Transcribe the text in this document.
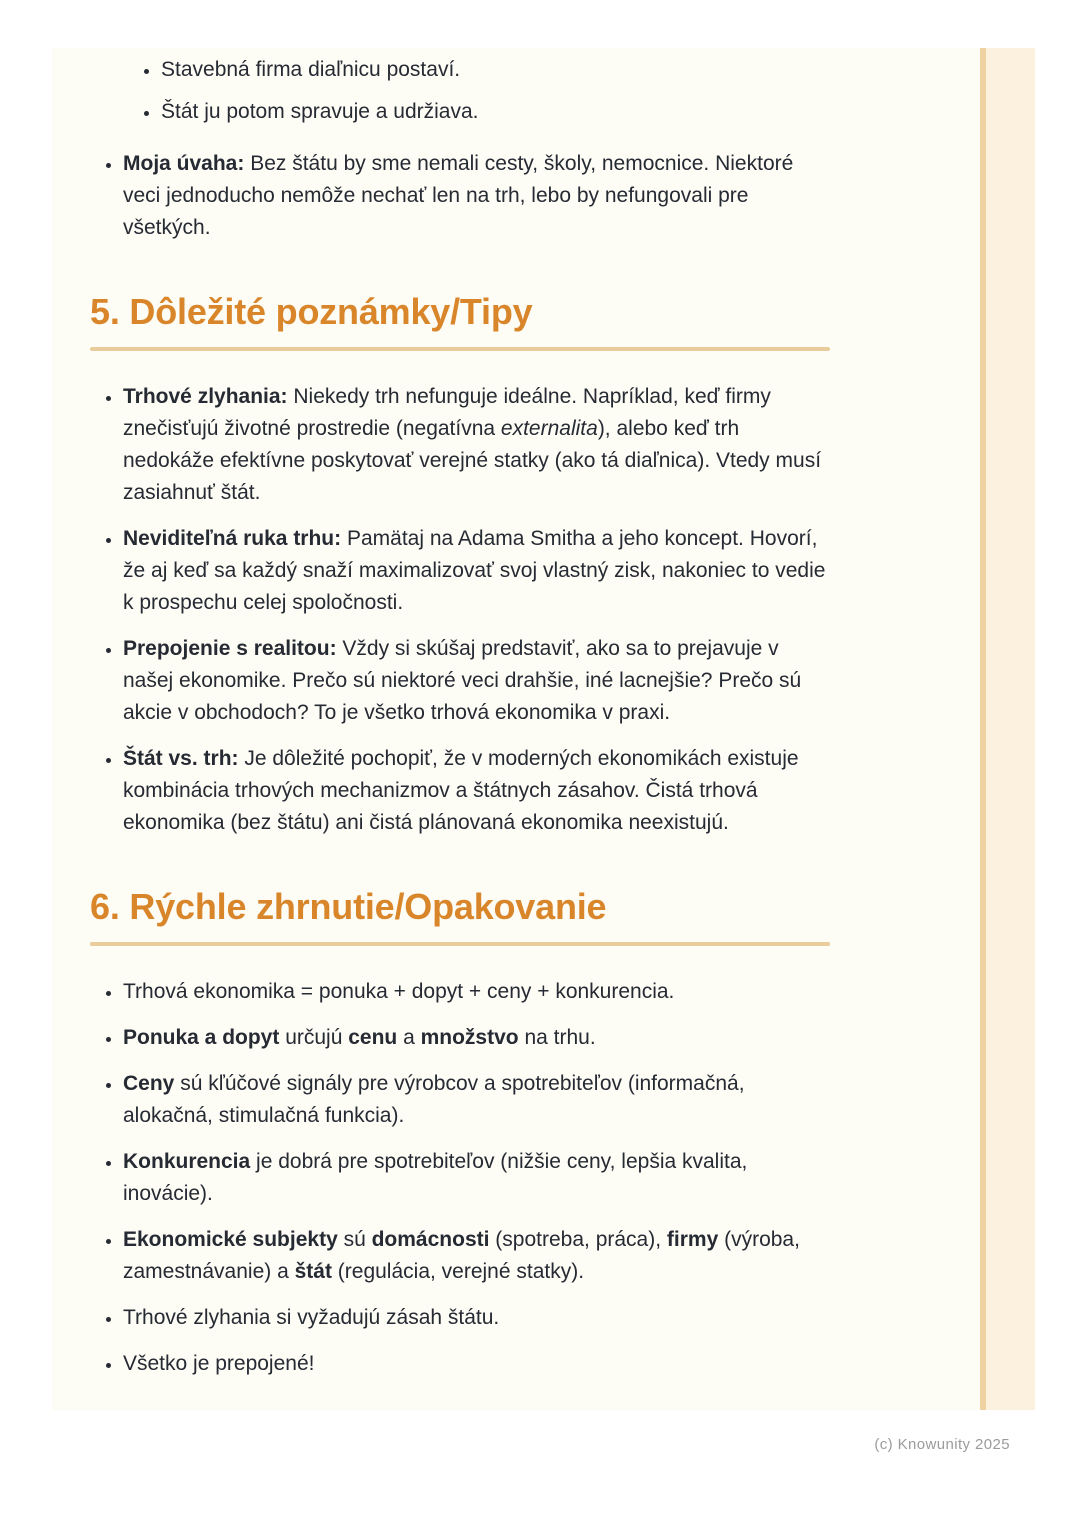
• Stavebná firma diaľnicu postaví.
• Štát ju potom spravuje a udržiava.
• Moja úvaha: Bez štátu by sme nemali cesty, školy, nemocnice. Niektoré veci jednoducho nemôže nechať len na trh, lebo by nefungovali pre všetkých.
5. Dôležité poznámky/Tipy
• Trhové zlyhania: Niekedy trh nefunguje ideálne. Napríklad, keď firmy znečisťujú životné prostredie (negatívna externalita), alebo keď trh nedokáže efektívne poskytovať verejné statky (ako tá diaľnica). Vtedy musí zasiahnuť štát.
• Neviditeľná ruka trhu: Pamätaj na Adama Smitha a jeho koncept. Hovorí, že aj keď sa každý snaží maximalizovať svoj vlastný zisk, nakoniec to vedie k prospechu celej spoločnosti.
• Prepojenie s realitou: Vždy si skúšaj predstaviť, ako sa to prejavuje v našej ekonomike. Prečo sú niektoré veci drahšie, iné lacnejšie? Prečo sú akcie v obchodoch? To je všetko trhová ekonomika v praxi.
• Štát vs. trh: Je dôležité pochopiť, že v moderných ekonomikách existuje kombinácia trhových mechanizmov a štátnych zásahov. Čistá trhová ekonomika (bez štátu) ani čistá plánovaná ekonomika neexistujú.
6. Rýchle zhrnutie/Opakovanie
• Trhová ekonomika = ponuka + dopyt + ceny + konkurencia.
• Ponuka a dopyt určujú cenu a množstvo na trhu.
• Ceny sú kľúčové signály pre výrobcov a spotrebiteľov (informačná, alokačná, stimulačná funkcia).
• Konkurencia je dobrá pre spotrebiteľov (nižšie ceny, lepšia kvalita, inovácie).
• Ekonomické subjekty sú domácnosti (spotreba, práca), firmy (výroba, zamestnávanie) a štát (regulácia, verejné statky).
• Trhové zlyhania si vyžadujú zásah štátu.
• Všetko je prepojené!
(c) Knowunity 2025
